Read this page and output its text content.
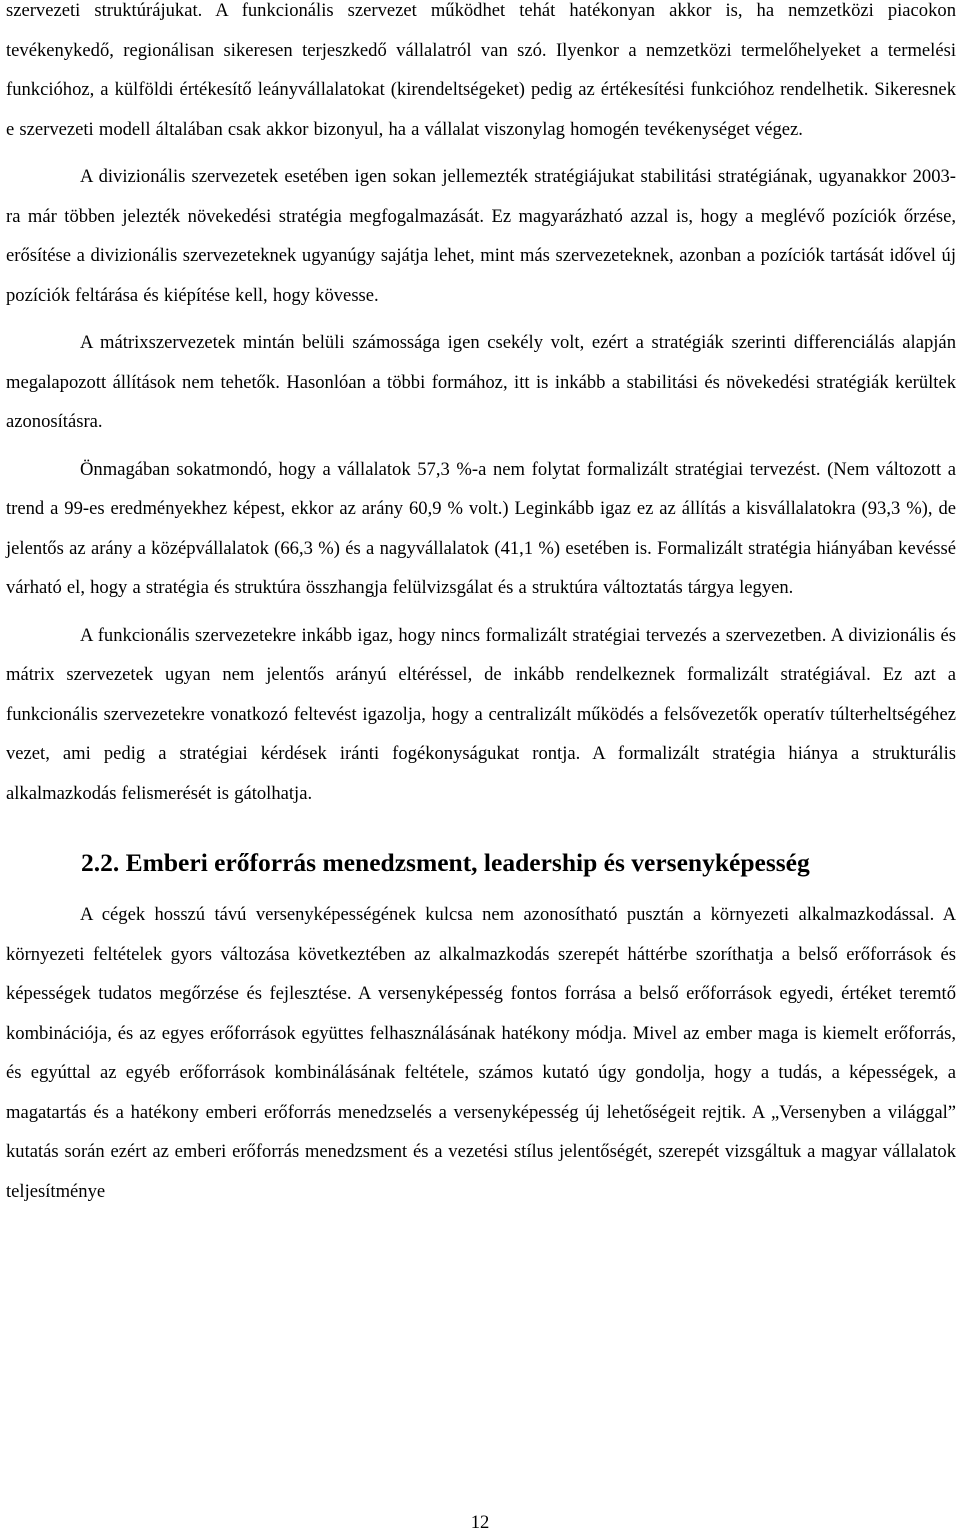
szervezeti struktúrájukat. A funkcionális szervezet működhet tehát hatékonyan akkor is, ha nemzetközi piacokon tevékenykedő, regionálisan sikeresen terjeszkedő vállalatról van szó. Ilyenkor a nemzetközi termelőhelyeket a termelési funkcióhoz, a külföldi értékesítő leányvállalatokat (kirendeltségeket) pedig az értékesítési funkcióhoz rendelhetik. Sikeresnek e szervezeti modell általában csak akkor bizonyul, ha a vállalat viszonylag homogén tevékenységet végez.

A divizionális szervezetek esetében igen sokan jellemezték stratégiájukat stabilitási stratégiának, ugyanakkor 2003-ra már többen jelezték növekedési stratégia megfogalmazását. Ez magyarázható azzal is, hogy a meglévő pozíciók őrzése, erősítése a divizionális szervezeteknek ugyanúgy sajátja lehet, mint más szervezeteknek, azonban a pozíciók tartását idővel új pozíciók feltárása és kiépítése kell, hogy kövesse.

A mátrixszervezetek mintán belüli számossága igen csekély volt, ezért a stratégiák szerinti differenciálás alapján megalapozott állítások nem tehetők. Hasonlóan a többi formához, itt is inkább a stabilitási és növekedési stratégiák kerültek azonosításra.

Önmagában sokatmondó, hogy a vállalatok 57,3 %-a nem folytat formalizált stratégiai tervezést. (Nem változott a trend a 99-es eredményekhez képest, ekkor az arány 60,9 % volt.) Leginkább igaz ez az állítás a kisvállalatokra (93,3 %), de jelentős az arány a középvállalatok (66,3 %) és a nagyvállalatok (41,1 %) esetében is. Formalizált stratégia hiányában kevéssé várható el, hogy a stratégia és struktúra összhangja felülvizsgálat és a struktúra változtatás tárgya legyen.

A funkcionális szervezetekre inkább igaz, hogy nincs formalizált stratégiai tervezés a szervezetben. A divizionális és mátrix szervezetek ugyan nem jelentős arányú eltéréssel, de inkább rendelkeznek formalizált stratégiával. Ez azt a funkcionális szervezetekre vonatkozó feltevést igazolja, hogy a centralizált működés a felsővezetők operatív túlterheltségéhez vezet, ami pedig a stratégiai kérdések iránti fogékonyságukat rontja. A formalizált stratégia hiánya a strukturális alkalmazkodás felismerését is gátolhatja.

2.2. Emberi erőforrás menedzsment, leadership és versenyképesség

A cégek hosszú távú versenyképességének kulcsa nem azonosítható pusztán a környezeti alkalmazkodással. A környezeti feltételek gyors változása következtében az alkalmazkodás szerepét háttérbe szoríthatja a belső erőforrások és képességek tudatos megőrzése és fejlesztése. A versenyképesség fontos forrása a belső erőforrások egyedi, értéket teremtő kombinációja, és az egyes erőforrások együttes felhasználásának hatékony módja. Mivel az ember maga is kiemelt erőforrás, és egyúttal az egyéb erőforrások kombinálásának feltétele, számos kutató úgy gondolja, hogy a tudás, a képességek, a magatartás és a hatékony emberi erőforrás menedzselés a versenyképesség új lehetőségeit rejtik. A „Versenyben a világgal” kutatás során ezért az emberi erőforrás menedzsment és a vezetési stílus jelentőségét, szerepét vizsgáltuk a magyar vállalatok teljesítménye

12
